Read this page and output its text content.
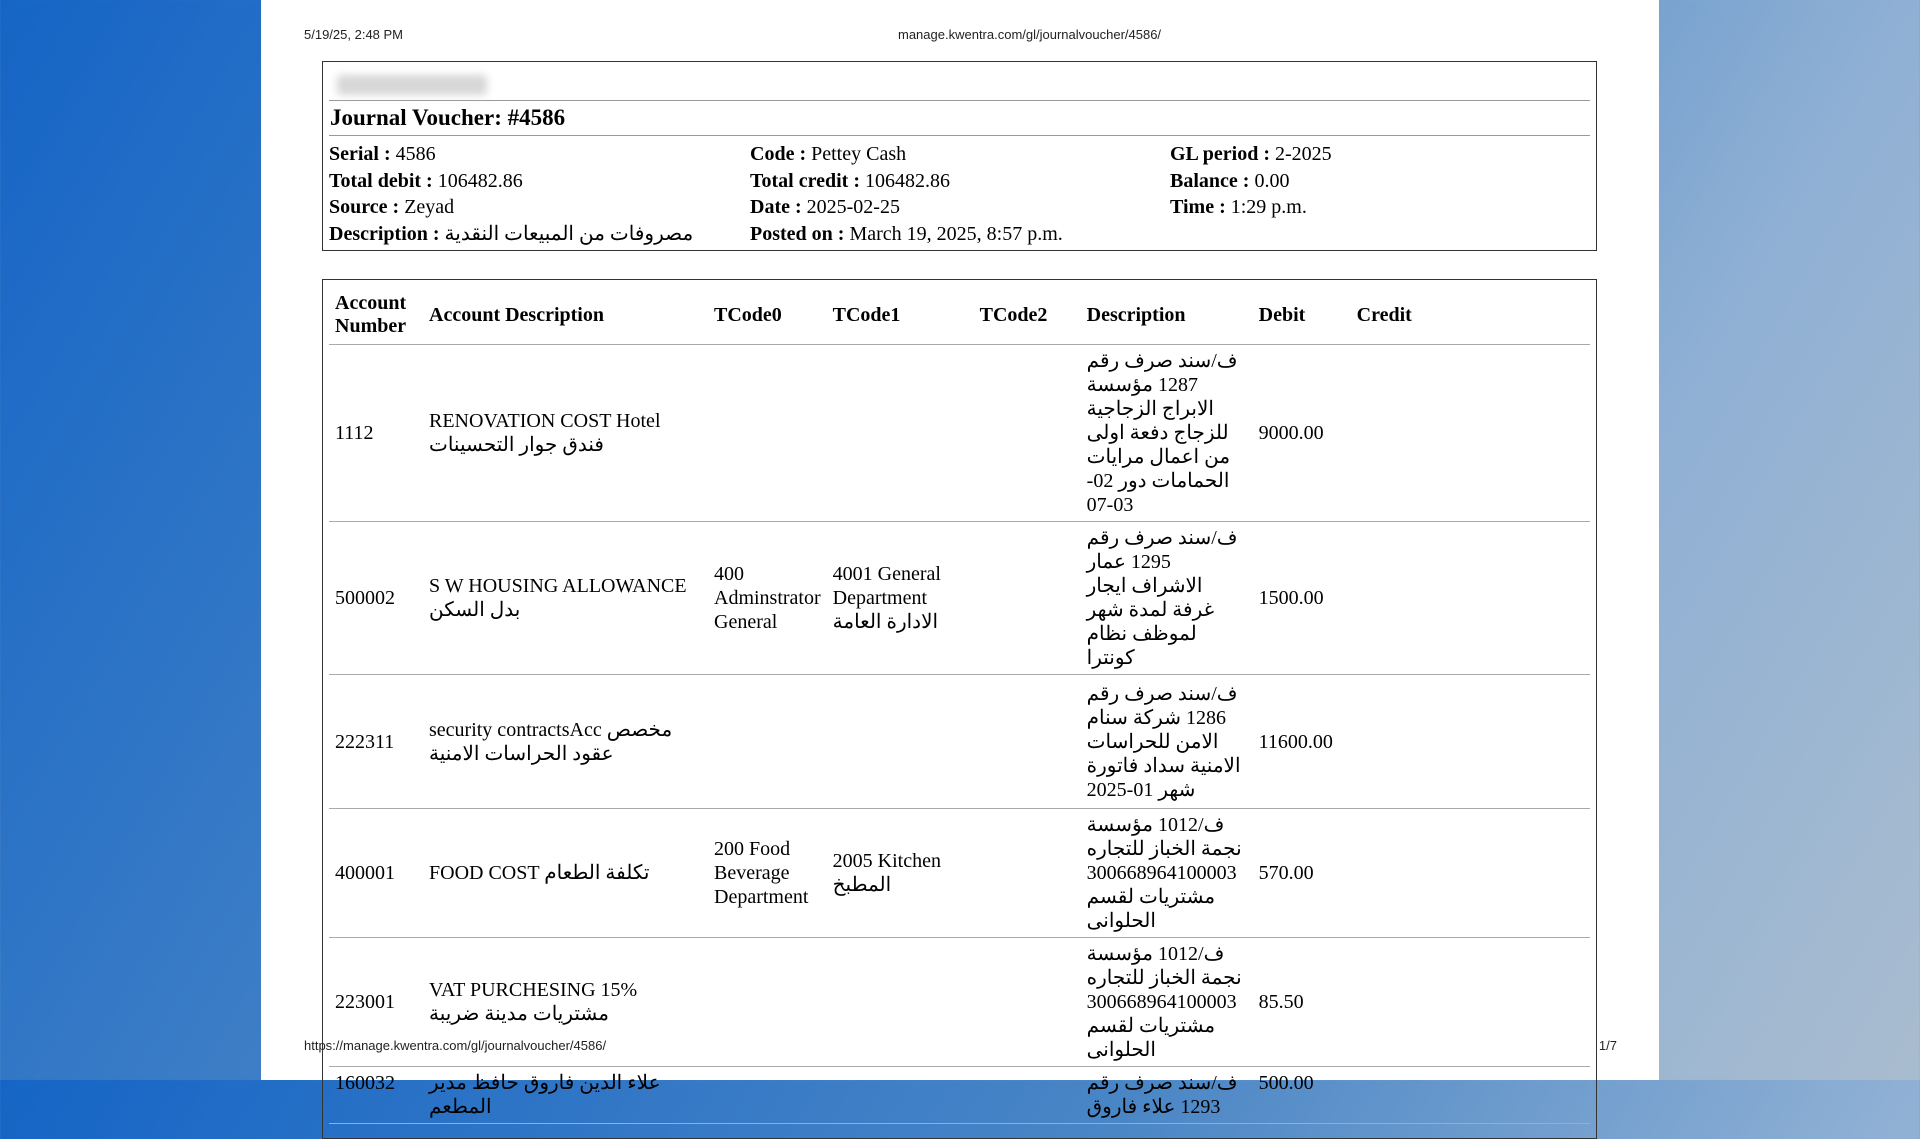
5/19/25, 2:48 PM	manage.kwentra.com/gl/journalvoucher/4586/
Journal Voucher: #4586
Serial : 4586	Code : Pettey Cash	GL period : 2-2025
Total debit : 106482.86	Total credit : 106482.86	Balance : 0.00
Source : Zeyad	Date : 2025-02-25	Time : 1:29 p.m.
Description : مصروفات من المبيعات النقدية	Posted on : March 19, 2025, 8:57 p.m.
Account
Number	Account Description	TCode0	TCode1	TCode2	Description	Debit	Credit
1112	RENOVATION COST Hotel فندق جوار التحسينات				ف/سند صرف رقم 1287 مؤسسة الابراج الزجاجية للزجاج دفعة اولى من اعمال مرايات الحمامات دور 02-03-07	9000.00	
500002	S W HOUSING ALLOWANCE بدل السكن	400 Adminstrator General	4001 General Department الادارة العامة		ف/سند صرف رقم 1295 عمار الاشراف ايجار غرفة لمدة شهر لموظف نظام كونترا	1500.00	
222311	security contractsAcc مخصص عقود الحراسات الامنية				ف/سند صرف رقم 1286 شركة سنام الامن للحراسات الامنية سداد فاتورة شهر 01-2025	11600.00	
400001	FOOD COST تكلفة الطعام	200 Food Beverage Department	2005 Kitchen المطبخ		ف/1012 مؤسسة نجمة الخباز للتجاره 300668964100003 مشتريات لقسم الحلوانى	570.00	
223001	VAT PURCHESING 15% مشتريات مدينة ضريبة				ف/1012 مؤسسة نجمة الخباز للتجاره 300668964100003 مشتريات لقسم الحلوانى	85.50	
160032	علاء الدين فاروق حافظ مدير المطعم				ف/سند صرف رقم 1293 علاء فاروق	500.00	
https://manage.kwentra.com/gl/journalvoucher/4586/	1/7
